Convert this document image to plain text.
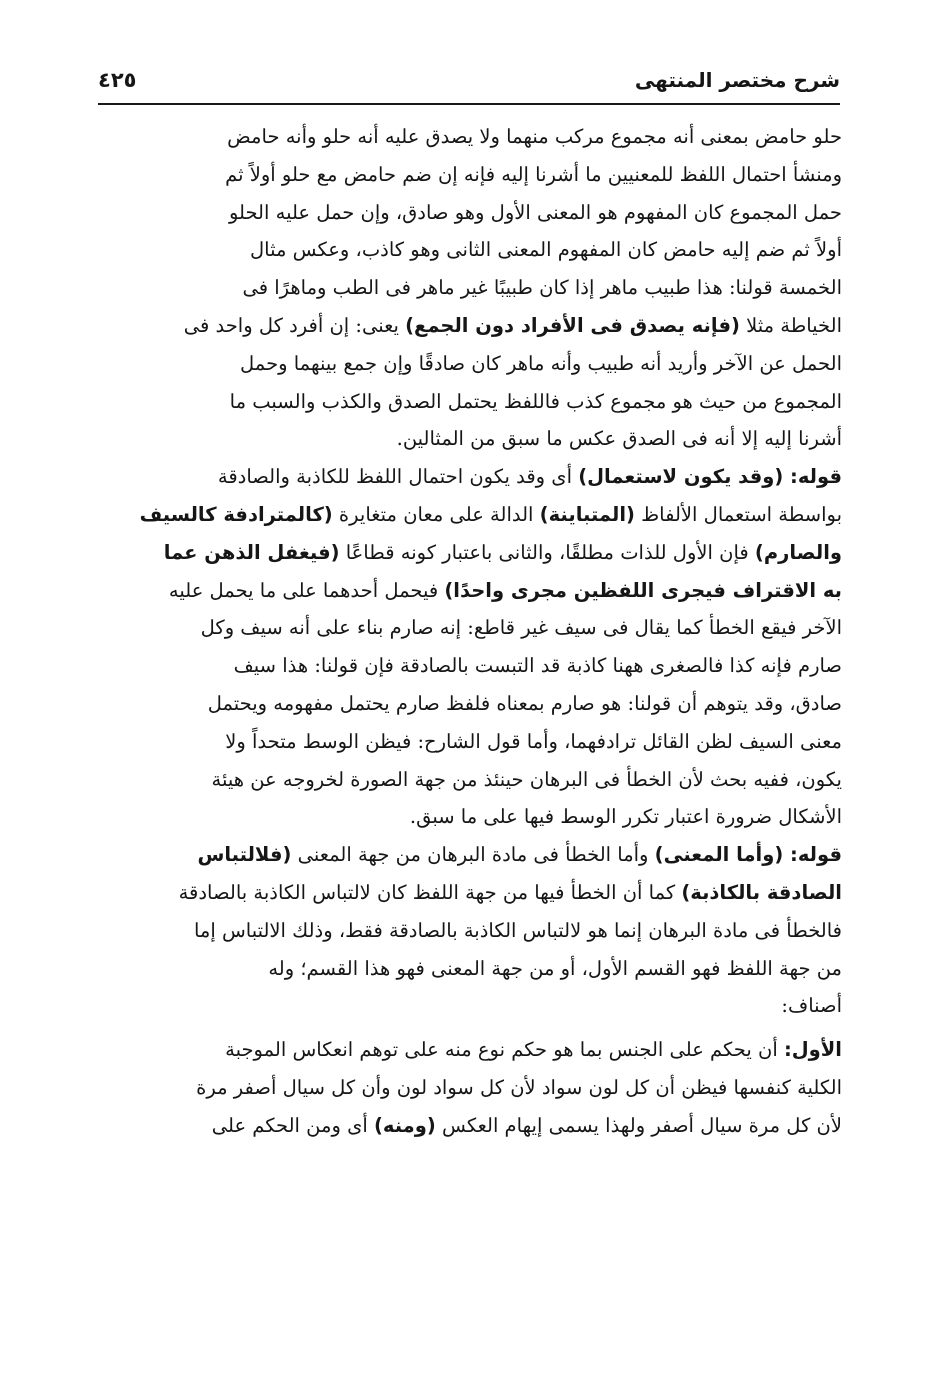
شرح مختصر المنتهى
٤٢٥
حلو حامض بمعنى أنه مجموع مركب منهما ولا يصدق عليه أنه حلو وأنه حامض
ومنشأ احتمال اللفظ للمعنيين ما أشرنا إليه فإنه إن ضم حامض مع حلو أولاً ثم
حمل المجموع كان المفهوم هو المعنى الأول وهو صادق، وإن حمل عليه الحلو
أولاً ثم ضم إليه حامض كان المفهوم المعنى الثانى وهو كاذب، وعكس مثال
الخمسة قولنا: هذا طبيب ماهر إذا كان طبيبًا غير ماهر فى الطب وماهرًا فى
الخياطة مثلا (فإنه يصدق فى الأفراد دون الجمع) يعنى: إن أفرد كل واحد فى
الحمل عن الآخر وأريد أنه طبيب وأنه ماهر كان صادقًا وإن جمع بينهما وحمل
المجموع من حيث هو مجموع كذب فاللفظ يحتمل الصدق والكذب والسبب ما
أشرنا إليه إلا أنه فى الصدق عكس ما سبق من المثالين.
قوله: (وقد يكون لاستعمال) أى وقد يكون احتمال اللفظ للكاذبة والصادقة
بواسطة استعمال الألفاظ (المتباينة) الدالة على معان متغايرة (كالمترادفة كالسيف
والصارم) فإن الأول للذات مطلقًا، والثانى باعتبار كونه قطاعًا (فيغفل الذهن عما
به الاقتراف فيجرى اللفظين مجرى واحدًا) فيحمل أحدهما على ما يحمل عليه
الآخر فيقع الخطأ كما يقال فى سيف غير قاطع: إنه صارم بناء على أنه سيف وكل
صارم فإنه كذا فالصغرى ههنا كاذبة قد التبست بالصادقة فإن قولنا: هذا سيف
صادق، وقد يتوهم أن قولنا: هو صارم بمعناه فلفظ صارم يحتمل مفهومه ويحتمل
معنى السيف لظن القائل ترادفهما، وأما قول الشارح: فيظن الوسط متحداً ولا
يكون، ففيه بحث لأن الخطأ فى البرهان حينئذ من جهة الصورة لخروجه عن هيئة
الأشكال ضرورة اعتبار تكرر الوسط فيها على ما سبق.
قوله: (وأما المعنى) وأما الخطأ فى مادة البرهان من جهة المعنى (فلالتباس
الصادقة بالكاذبة) كما أن الخطأ فيها من جهة اللفظ كان لالتباس الكاذبة بالصادقة
فالخطأ فى مادة البرهان إنما هو لالتباس الكاذبة بالصادقة فقط، وذلك الالتباس إما
من جهة اللفظ فهو القسم الأول، أو من جهة المعنى فهو هذا القسم؛ وله
أصناف:
الأول: أن يحكم على الجنس بما هو حكم نوع منه على توهم انعكاس الموجبة
الكلية كنفسها فيظن أن كل لون سواد لأن كل سواد لون وأن كل سيال أصفر مرة
لأن كل مرة سيال أصفر ولهذا يسمى إيهام العكس (ومنه) أى ومن الحكم على
